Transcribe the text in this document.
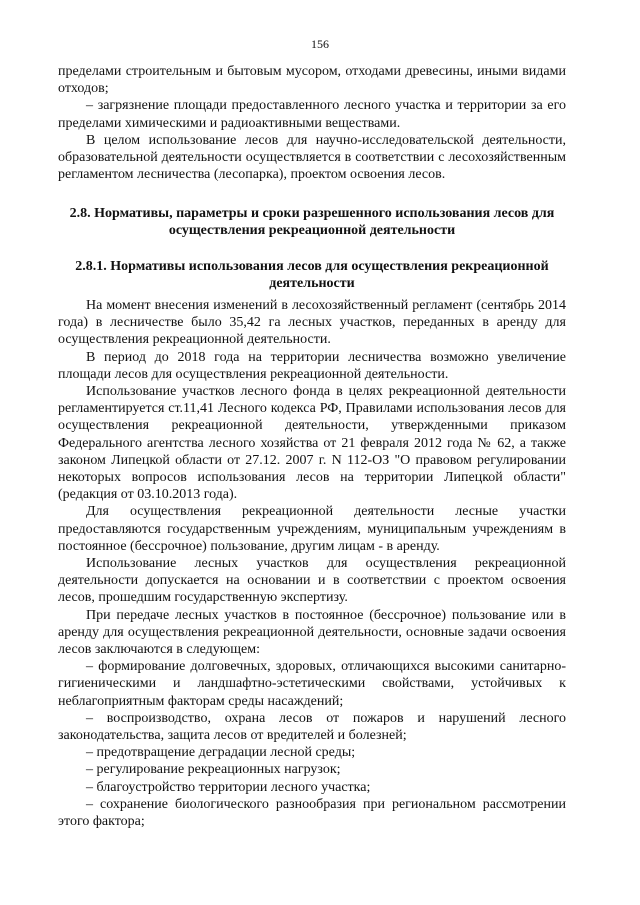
156

пределами строительным и бытовым мусором, отходами древесины, иными видами отходов;

– загрязнение площади предоставленного лесного участка и территории за его пределами химическими и радиоактивными веществами.

В целом использование лесов для научно-исследовательской деятельности, образовательной деятельности осуществляется в соответствии с лесохозяйственным регламентом лесничества (лесопарка), проектом освоения лесов.

2.8. Нормативы, параметры и сроки разрешенного использования лесов для осуществления рекреационной деятельности

2.8.1. Нормативы использования лесов для осуществления рекреационной деятельности

На момент внесения изменений в лесохозяйственный регламент (сентябрь 2014 года) в лесничестве было 35,42 га лесных участков, переданных в аренду для осуществления рекреационной деятельности.

В период до 2018 года на территории лесничества возможно увеличение площади лесов для осуществления рекреационной деятельности.

Использование участков лесного фонда в целях рекреационной деятельности регламентируется ст.11,41 Лесного кодекса РФ, Правилами использования лесов для осуществления рекреационной деятельности, утвержденными приказом Федерального агентства лесного хозяйства от 21 февраля 2012 года № 62, а также законом Липецкой области от 27.12. 2007 г. N 112-ОЗ "О правовом регулировании некоторых вопросов использования лесов на территории Липецкой области" (редакция от 03.10.2013 года).

Для осуществления рекреационной деятельности лесные участки предоставляются государственным учреждениям, муниципальным учреждениям в постоянное (бессрочное) пользование, другим лицам - в аренду.

Использование лесных участков для осуществления рекреационной деятельности допускается на основании и в соответствии с проектом освоения лесов, прошедшим государственную экспертизу.

При передаче лесных участков в постоянное (бессрочное) пользование или в аренду для осуществления рекреационной деятельности, основные задачи освоения лесов заключаются в следующем:

– формирование долговечных, здоровых, отличающихся высокими санитарно-гигиеническими и ландшафтно-эстетическими свойствами, устойчивых к неблагоприятным факторам среды насаждений;

– воспроизводство, охрана лесов от пожаров и нарушений лесного законодательства, защита лесов от вредителей и болезней;

– предотвращение деградации лесной среды;

– регулирование рекреационных нагрузок;

– благоустройство территории лесного участка;

– сохранение биологического разнообразия при региональном рассмотрении этого фактора;
